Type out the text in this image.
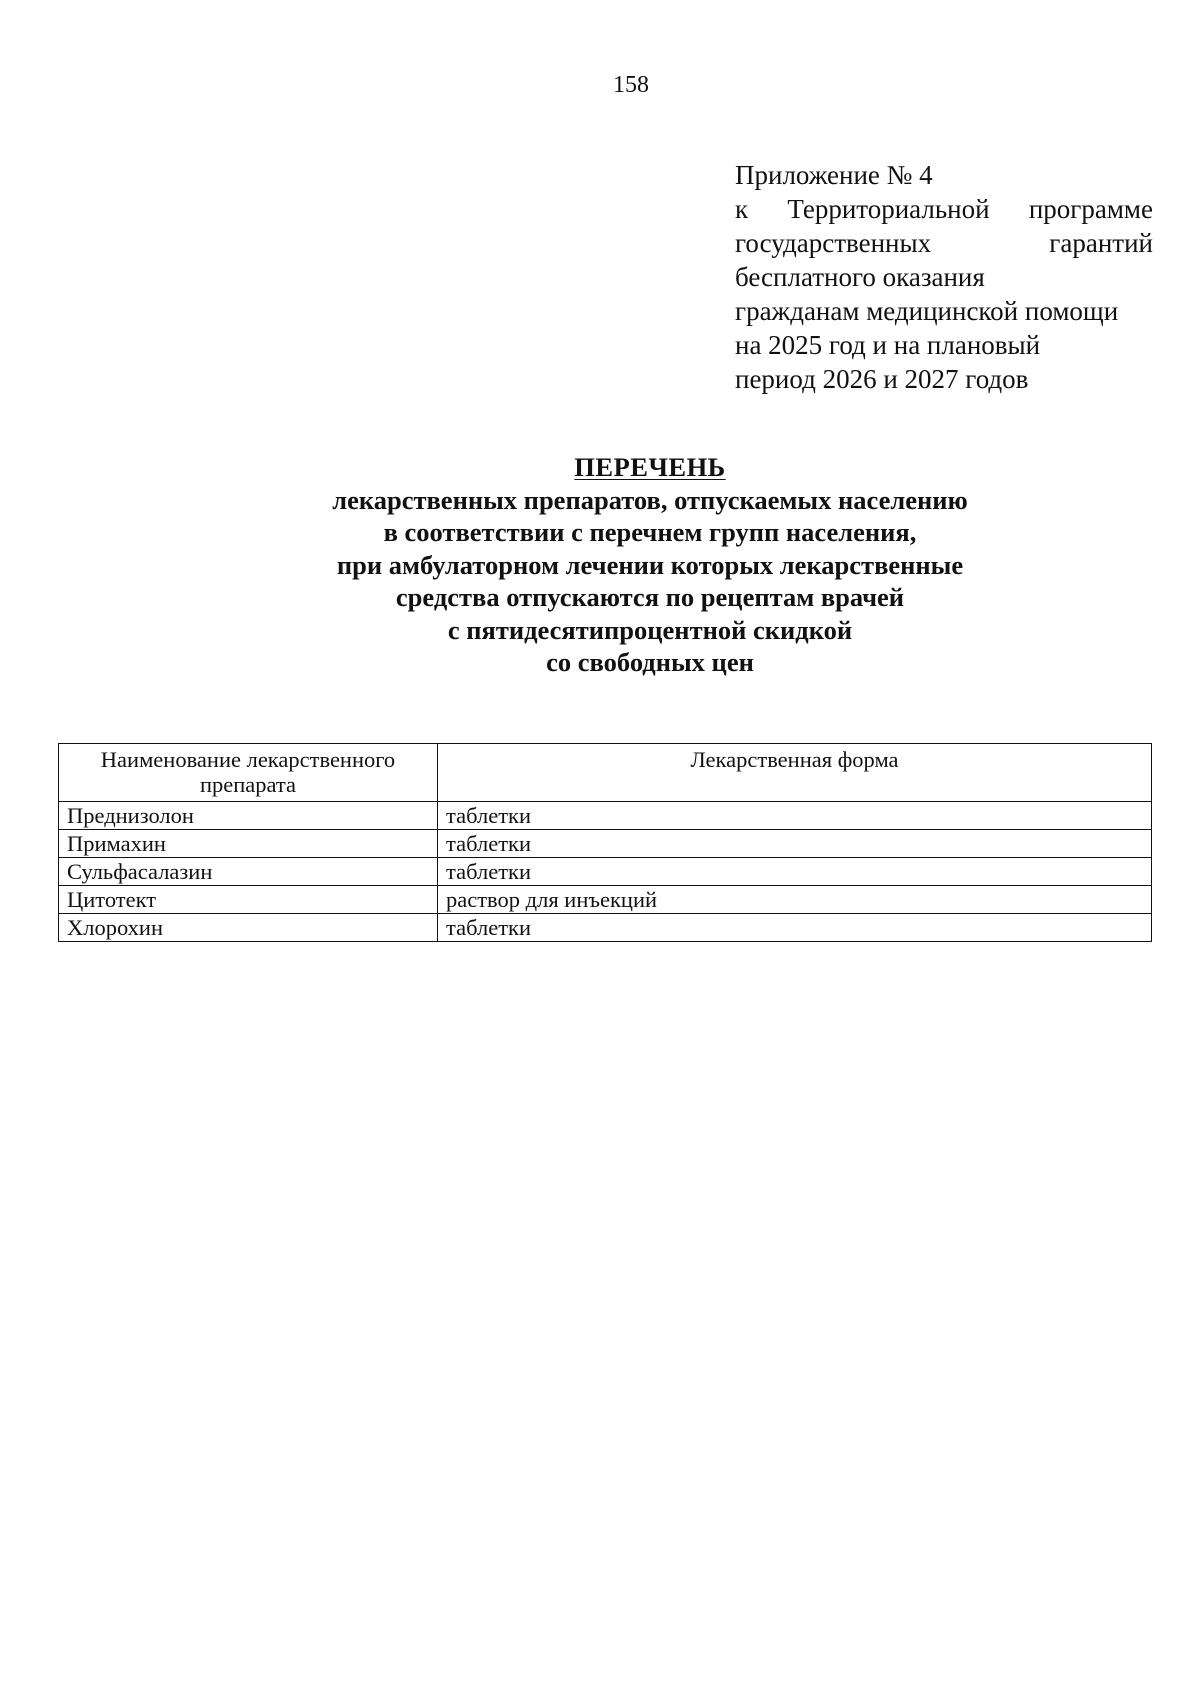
158
Приложение № 4
к Территориальной программе
государственных гарантий
бесплатного оказания
гражданам медицинской помощи
на 2025 год и на плановый
период 2026 и 2027 годов
ПЕРЕЧЕНЬ
лекарственных препаратов, отпускаемых населению
в соответствии с перечнем групп населения,
при амбулаторном лечении которых лекарственные
средства отпускаются по рецептам врачей
с пятидесятипроцентной скидкой
со свободных цен
Наименование лекарственного препарата	Лекарственная форма
Преднизолон	таблетки
Примахин	таблетки
Сульфасалазин	таблетки
Цитотект	раствор для инъекций
Хлорохин	таблетки
